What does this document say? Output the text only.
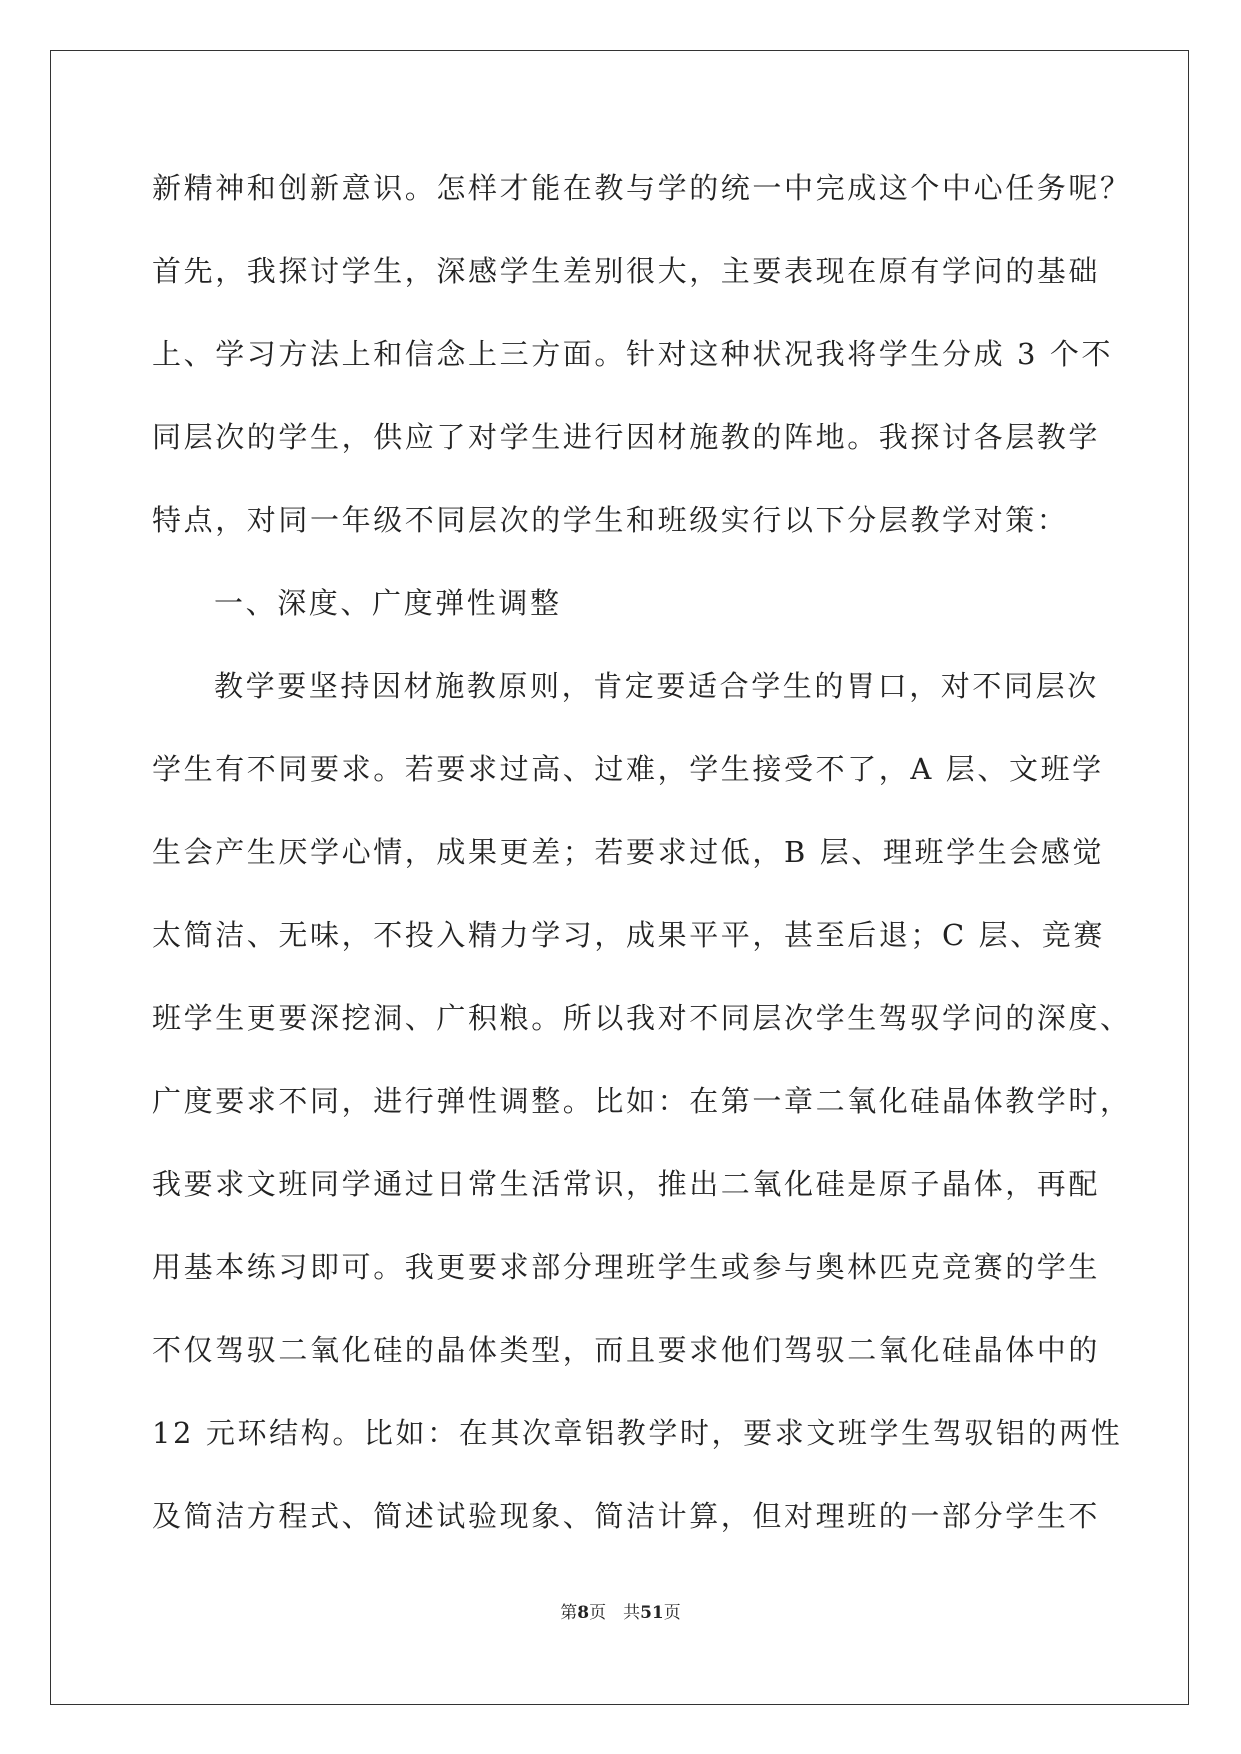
新精神和创新意识。怎样才能在教与学的统一中完成这个中心任务呢？
首先，我探讨学生，深感学生差别很大，主要表现在原有学问的基础
上、学习方法上和信念上三方面。针对这种状况我将学生分成 3 个不
同层次的学生，供应了对学生进行因材施教的阵地。我探讨各层教学
特点，对同一年级不同层次的学生和班级实行以下分层教学对策：
一、深度、广度弹性调整
教学要坚持因材施教原则，肯定要适合学生的胃口，对不同层次
学生有不同要求。若要求过高、过难，学生接受不了，A 层、文班学
生会产生厌学心情，成果更差；若要求过低，B 层、理班学生会感觉
太简洁、无味，不投入精力学习，成果平平，甚至后退；C 层、竞赛
班学生更要深挖洞、广积粮。所以我对不同层次学生驾驭学问的深度、
广度要求不同，进行弹性调整。比如：在第一章二氧化硅晶体教学时，
我要求文班同学通过日常生活常识，推出二氧化硅是原子晶体，再配
用基本练习即可。我更要求部分理班学生或参与奥林匹克竞赛的学生
不仅驾驭二氧化硅的晶体类型，而且要求他们驾驭二氧化硅晶体中的
12 元环结构。比如：在其次章铝教学时，要求文班学生驾驭铝的两性
及简洁方程式、简述试验现象、简洁计算，但对理班的一部分学生不
第8页　共51页
